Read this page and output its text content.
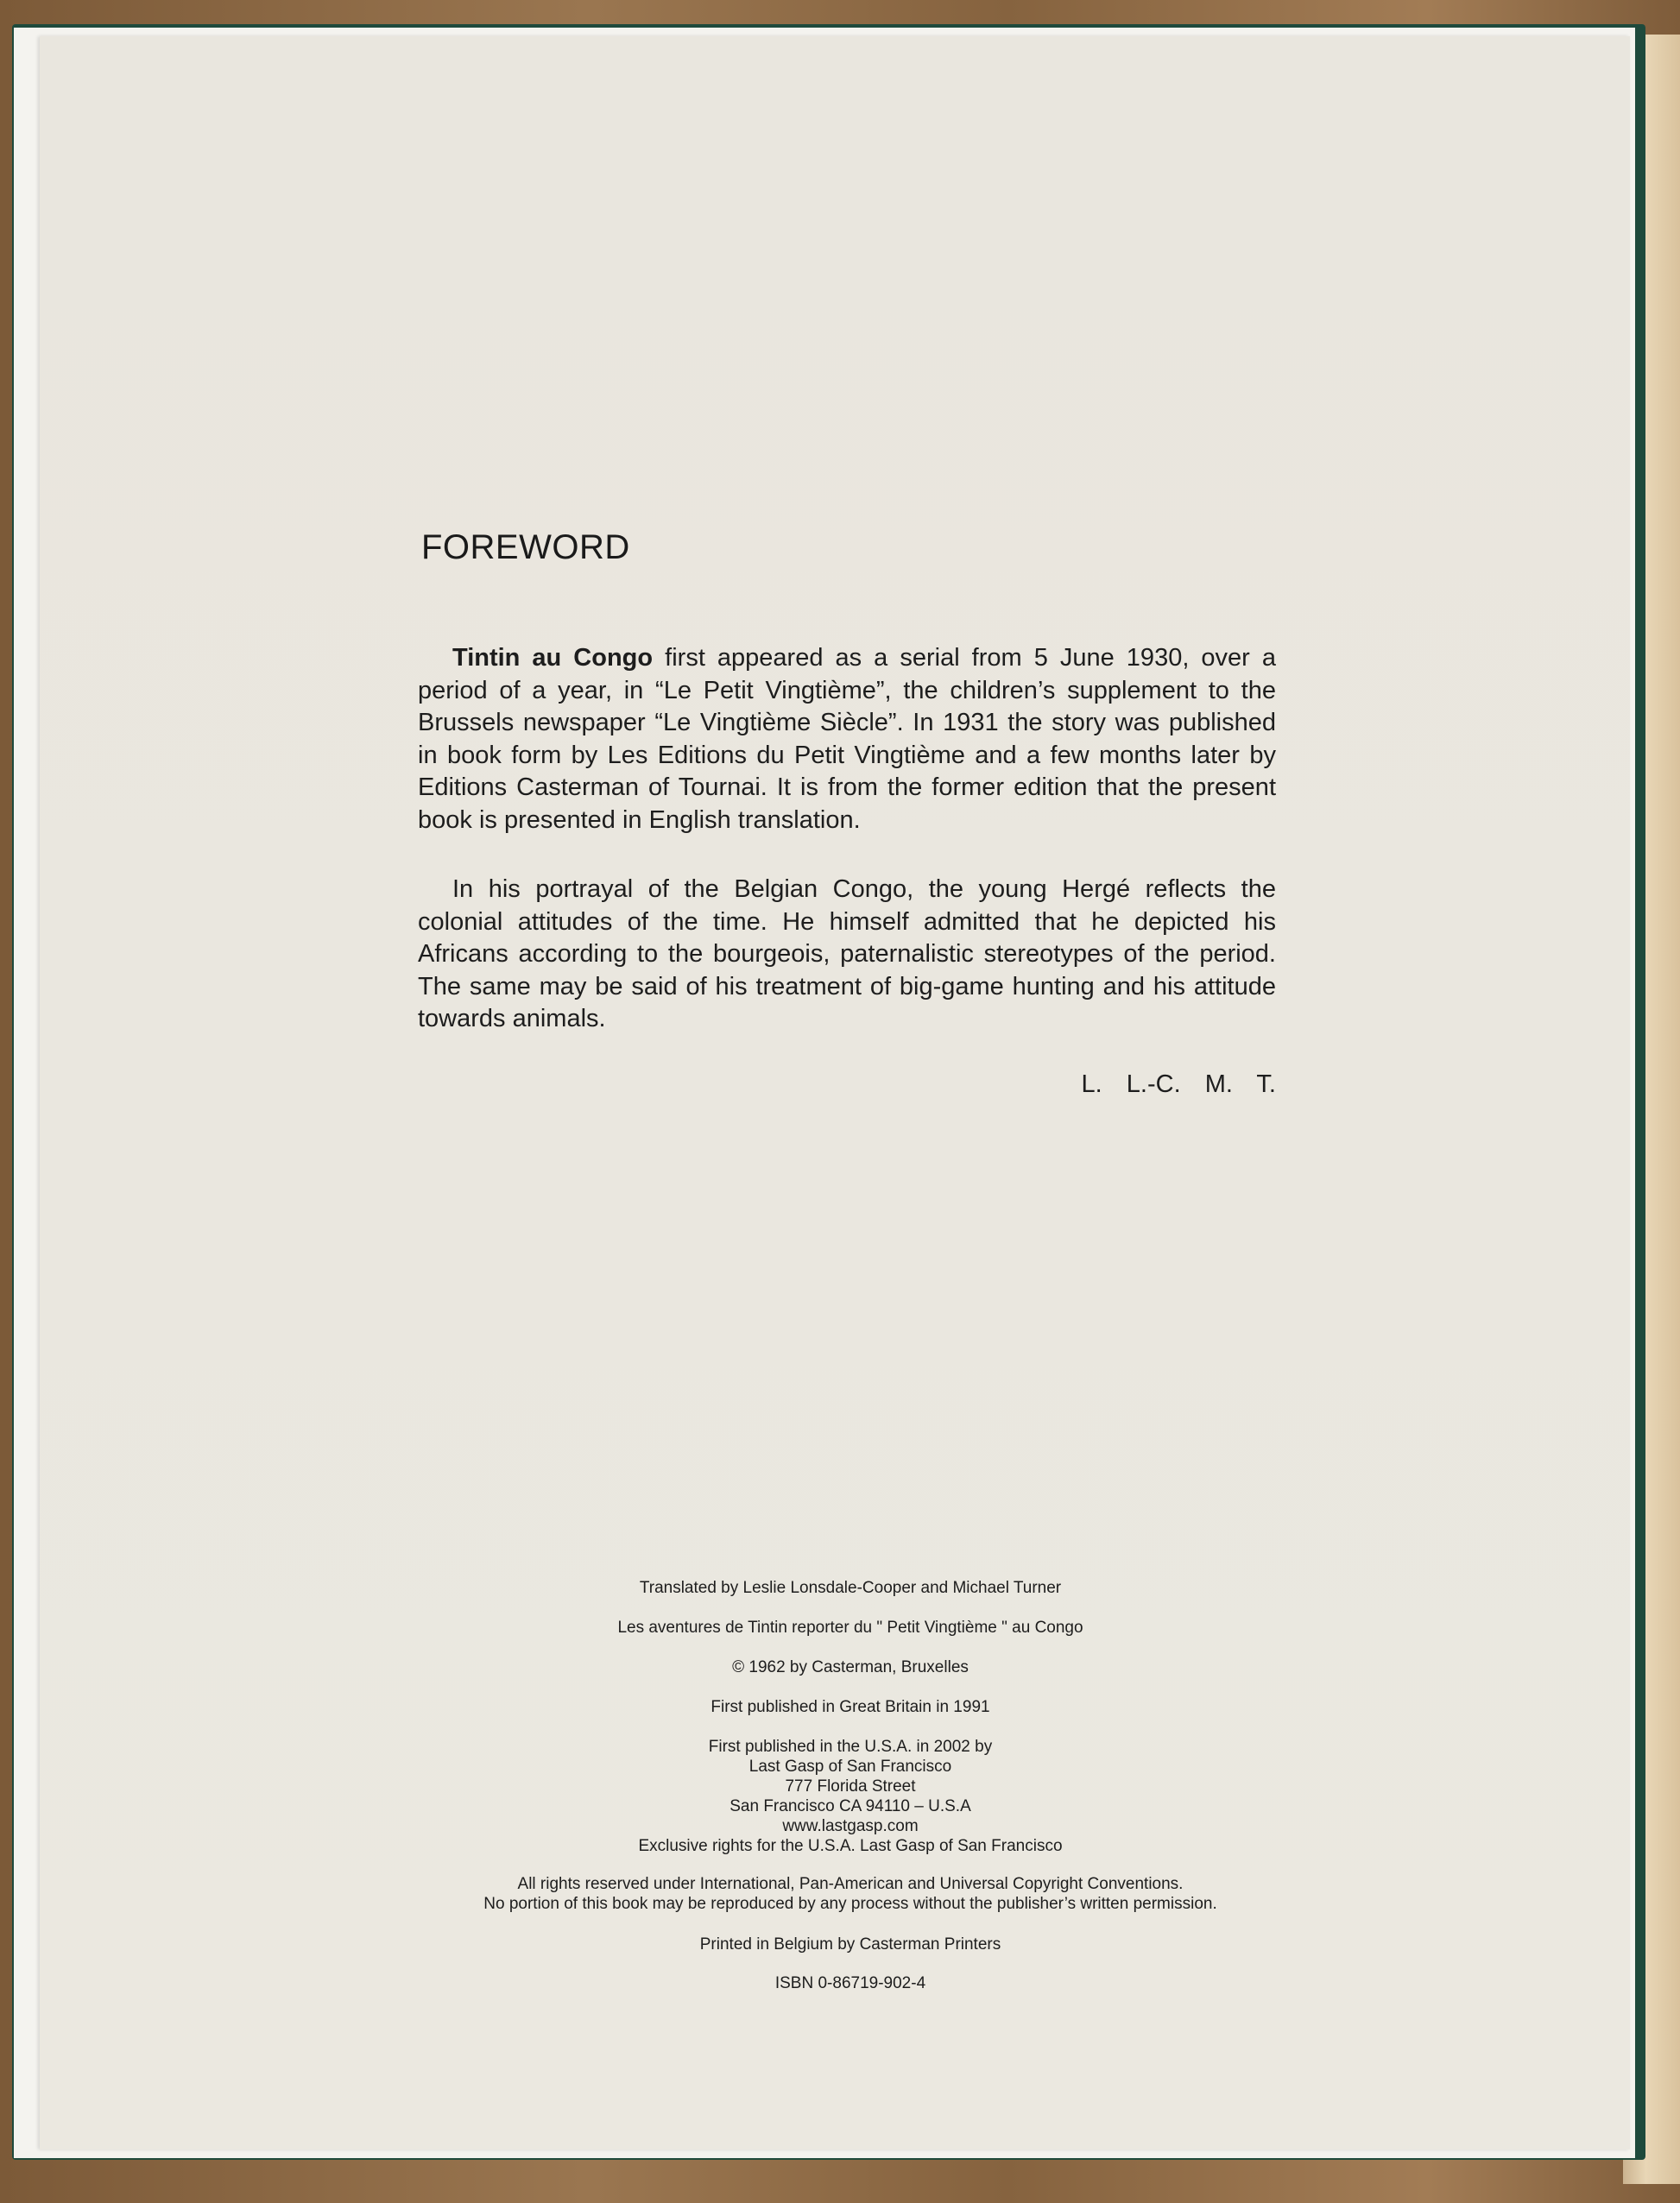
FOREWORD
Tintin au Congo first appeared as a serial from 5 June 1930, over a period of a year, in “Le Petit Vingtième”, the children’s supplement to the Brussels newspaper “Le Vingtième Siècle”. In 1931 the story was published in book form by Les Editions du Petit Vingtième and a few months later by Editions Casterman of Tournai. It is from the former edition that the present book is presented in English translation.
In his portrayal of the Belgian Congo, the young Hergé reflects the colonial attitudes of the time. He himself admitted that he depicted his Africans according to the bourgeois, paternalistic stereotypes of the period. The same may be said of his treatment of big-game hunting and his attitude towards animals.
L. L.-C. M. T.
Translated by Leslie Lonsdale-Cooper and Michael Turner
Les aventures de Tintin reporter du " Petit Vingtième " au Congo
© 1962 by Casterman, Bruxelles
First published in Great Britain in 1991
First published in the U.S.A. in 2002 by
Last Gasp of San Francisco
777 Florida Street
San Francisco CA 94110 – U.S.A
www.lastgasp.com
Exclusive rights for the U.S.A. Last Gasp of San Francisco
All rights reserved under International, Pan-American and Universal Copyright Conventions.
No portion of this book may be reproduced by any process without the publisher’s written permission.
Printed in Belgium by Casterman Printers
ISBN 0-86719-902-4
